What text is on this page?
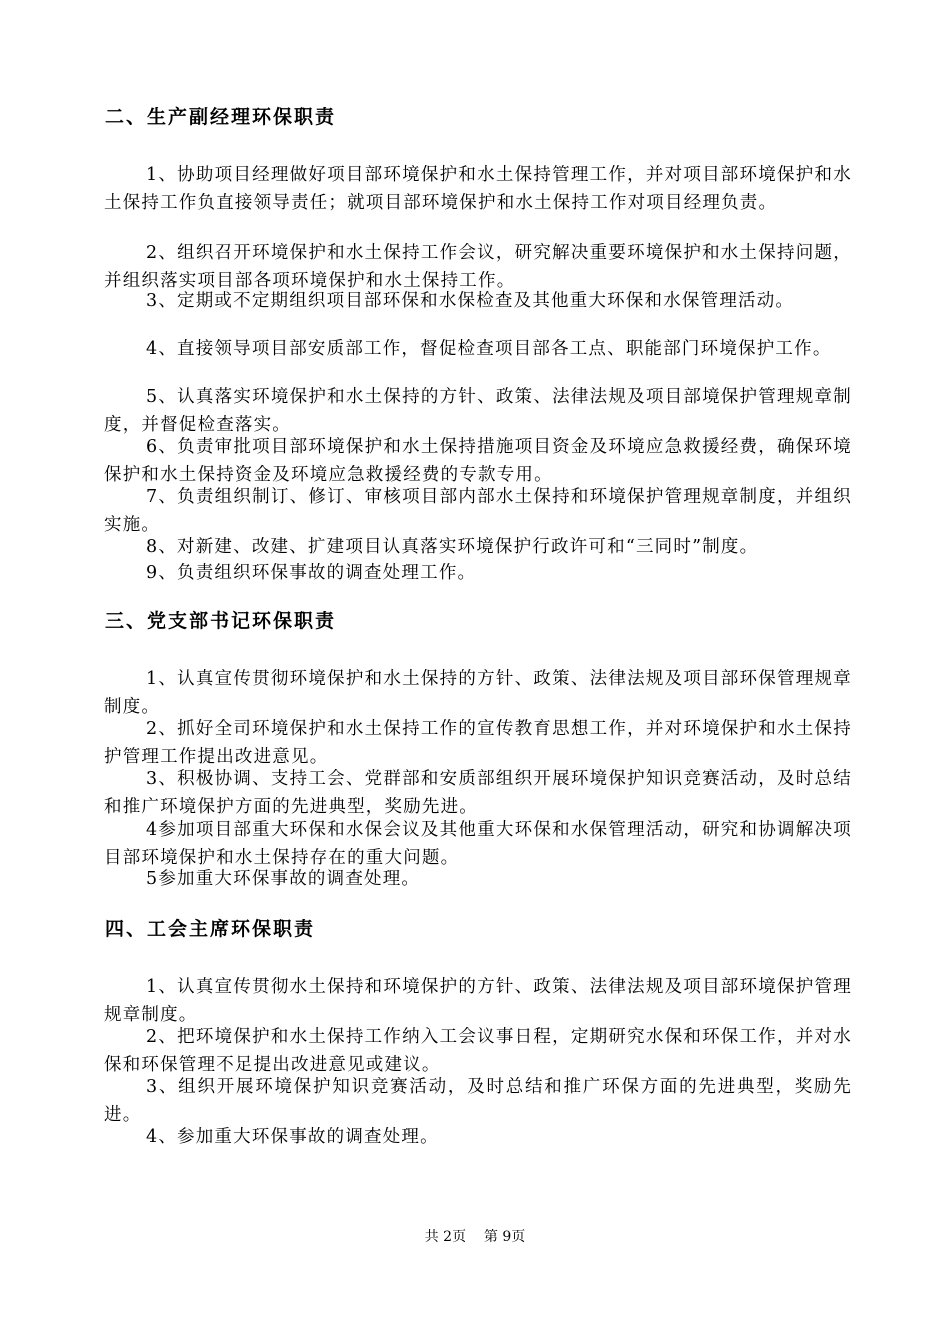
二、生产副经理环保职责
1、协助项目经理做好项目部环境保护和水土保持管理工作，并对项目部环境保护和水土保持工作负直接领导责任；就项目部环境保护和水土保持工作对项目经理负责。
2、组织召开环境保护和水土保持工作会议，研究解决重要环境保护和水土保持问题，并组织落实项目部各项环境保护和水土保持工作。
3、定期或不定期组织项目部环保和水保检查及其他重大环保和水保管理活动。
4、直接领导项目部安质部工作，督促检查项目部各工点、职能部门环境保护工作。
5、认真落实环境保护和水土保持的方针、政策、法律法规及项目部境保护管理规章制度，并督促检查落实。
6、负责审批项目部环境保护和水土保持措施项目资金及环境应急救援经费，确保环境保护和水土保持资金及环境应急救援经费的专款专用。
7、负责组织制订、修订、审核项目部内部水土保持和环境保护管理规章制度，并组织实施。
8、对新建、改建、扩建项目认真落实环境保护行政许可和“三同时”制度。
9、负责组织环保事故的调查处理工作。
三、党支部书记环保职责
1、认真宣传贯彻环境保护和水土保持的方针、政策、法律法规及项目部环保管理规章制度。
2、抓好全司环境保护和水土保持工作的宣传教育思想工作，并对环境保护和水土保持护管理工作提出改进意见。
3、积极协调、支持工会、党群部和安质部组织开展环境保护知识竞赛活动，及时总结和推广环境保护方面的先进典型，奖励先进。
4参加项目部重大环保和水保会议及其他重大环保和水保管理活动，研究和协调解决项目部环境保护和水土保持存在的重大问题。
5参加重大环保事故的调查处理。
四、工会主席环保职责
1、认真宣传贯彻水土保持和环境保护的方针、政策、法律法规及项目部环境保护管理规章制度。
2、把环境保护和水土保持工作纳入工会议事日程，定期研究水保和环保工作，并对水保和环保管理不足提出改进意见或建议。
3、组织开展环境保护知识竞赛活动，及时总结和推广环保方面的先进典型，奖励先进。
4、参加重大环保事故的调查处理。
共 2页    第 9页
